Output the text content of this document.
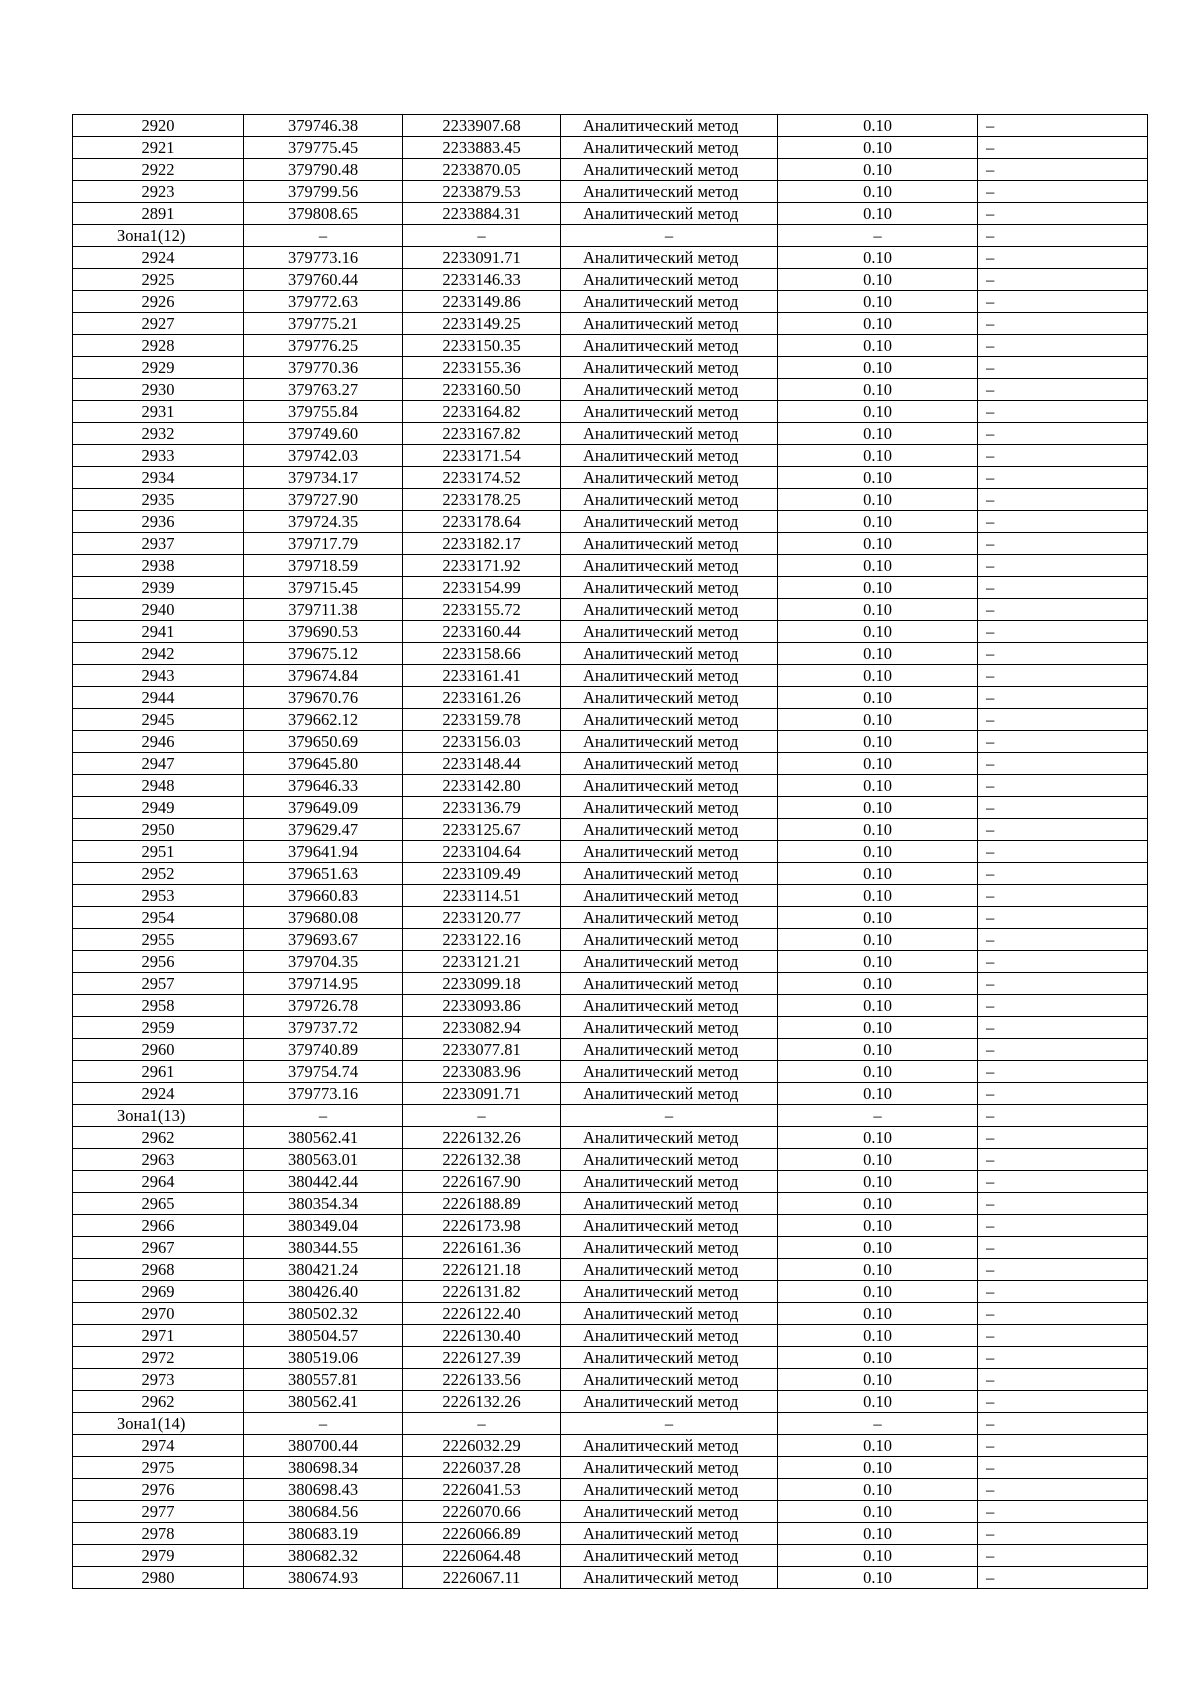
2920	379746.38	2233907.68	Аналитический метод	0.10	–
2921	379775.45	2233883.45	Аналитический метод	0.10	–
2922	379790.48	2233870.05	Аналитический метод	0.10	–
2923	379799.56	2233879.53	Аналитический метод	0.10	–
2891	379808.65	2233884.31	Аналитический метод	0.10	–
Зона1(12)	–	–	–	–	–
2924	379773.16	2233091.71	Аналитический метод	0.10	–
2925	379760.44	2233146.33	Аналитический метод	0.10	–
2926	379772.63	2233149.86	Аналитический метод	0.10	–
2927	379775.21	2233149.25	Аналитический метод	0.10	–
2928	379776.25	2233150.35	Аналитический метод	0.10	–
2929	379770.36	2233155.36	Аналитический метод	0.10	–
2930	379763.27	2233160.50	Аналитический метод	0.10	–
2931	379755.84	2233164.82	Аналитический метод	0.10	–
2932	379749.60	2233167.82	Аналитический метод	0.10	–
2933	379742.03	2233171.54	Аналитический метод	0.10	–
2934	379734.17	2233174.52	Аналитический метод	0.10	–
2935	379727.90	2233178.25	Аналитический метод	0.10	–
2936	379724.35	2233178.64	Аналитический метод	0.10	–
2937	379717.79	2233182.17	Аналитический метод	0.10	–
2938	379718.59	2233171.92	Аналитический метод	0.10	–
2939	379715.45	2233154.99	Аналитический метод	0.10	–
2940	379711.38	2233155.72	Аналитический метод	0.10	–
2941	379690.53	2233160.44	Аналитический метод	0.10	–
2942	379675.12	2233158.66	Аналитический метод	0.10	–
2943	379674.84	2233161.41	Аналитический метод	0.10	–
2944	379670.76	2233161.26	Аналитический метод	0.10	–
2945	379662.12	2233159.78	Аналитический метод	0.10	–
2946	379650.69	2233156.03	Аналитический метод	0.10	–
2947	379645.80	2233148.44	Аналитический метод	0.10	–
2948	379646.33	2233142.80	Аналитический метод	0.10	–
2949	379649.09	2233136.79	Аналитический метод	0.10	–
2950	379629.47	2233125.67	Аналитический метод	0.10	–
2951	379641.94	2233104.64	Аналитический метод	0.10	–
2952	379651.63	2233109.49	Аналитический метод	0.10	–
2953	379660.83	2233114.51	Аналитический метод	0.10	–
2954	379680.08	2233120.77	Аналитический метод	0.10	–
2955	379693.67	2233122.16	Аналитический метод	0.10	–
2956	379704.35	2233121.21	Аналитический метод	0.10	–
2957	379714.95	2233099.18	Аналитический метод	0.10	–
2958	379726.78	2233093.86	Аналитический метод	0.10	–
2959	379737.72	2233082.94	Аналитический метод	0.10	–
2960	379740.89	2233077.81	Аналитический метод	0.10	–
2961	379754.74	2233083.96	Аналитический метод	0.10	–
2924	379773.16	2233091.71	Аналитический метод	0.10	–
Зона1(13)	–	–	–	–	–
2962	380562.41	2226132.26	Аналитический метод	0.10	–
2963	380563.01	2226132.38	Аналитический метод	0.10	–
2964	380442.44	2226167.90	Аналитический метод	0.10	–
2965	380354.34	2226188.89	Аналитический метод	0.10	–
2966	380349.04	2226173.98	Аналитический метод	0.10	–
2967	380344.55	2226161.36	Аналитический метод	0.10	–
2968	380421.24	2226121.18	Аналитический метод	0.10	–
2969	380426.40	2226131.82	Аналитический метод	0.10	–
2970	380502.32	2226122.40	Аналитический метод	0.10	–
2971	380504.57	2226130.40	Аналитический метод	0.10	–
2972	380519.06	2226127.39	Аналитический метод	0.10	–
2973	380557.81	2226133.56	Аналитический метод	0.10	–
2962	380562.41	2226132.26	Аналитический метод	0.10	–
Зона1(14)	–	–	–	–	–
2974	380700.44	2226032.29	Аналитический метод	0.10	–
2975	380698.34	2226037.28	Аналитический метод	0.10	–
2976	380698.43	2226041.53	Аналитический метод	0.10	–
2977	380684.56	2226070.66	Аналитический метод	0.10	–
2978	380683.19	2226066.89	Аналитический метод	0.10	–
2979	380682.32	2226064.48	Аналитический метод	0.10	–
2980	380674.93	2226067.11	Аналитический метод	0.10	–
